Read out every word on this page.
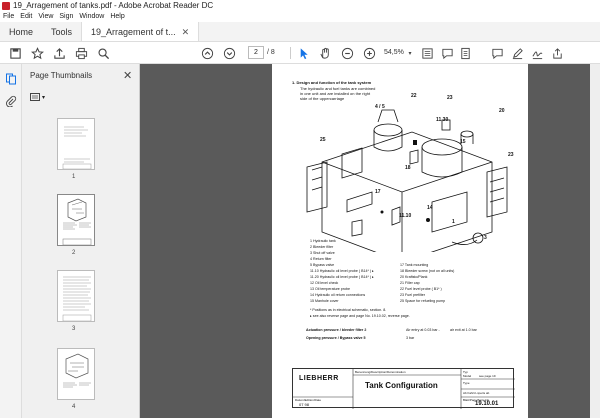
19_Arragement of tanks.pdf - Adobe Acrobat Reader DC
File Edit View Sign Window Help
Home	Tools	19_Arragement of t... ✕
2	/ 8	54,5% ▾
Page Thumbnails	✕
▾
1
2
3
4
1. Design and function of the tank system
The hydraulic and fuel tanks are combined
in one unit and are installed on the right
side of the uppercarriage	22	23
4 / 5
11.30
20
25
23
15
18
17
14
11.10
1
3
1 Hydraulic tank
2 Bleeder filter
3 Shut off valve
4 Return filter
5 Bypass valve
11.10 Hydraulic oil level probe ( B14* ) ▸
11.20 Hydraulic oil level probe ( B14* ) ▸
12 Oil level check
13 Oil temperature probe
14 Hydraulic oil return connections
15 Manhole cover
17 Tank mounting
18 Bleeder screw (not on all units)
20 Kraftsto/Plank
21 Filler cap
22 Fuel level probe ( B1* )
23 Fuel prefilter
25 Space for refueling pump
* Positions as in electrical schematic, section. 8.
▸ see also reverse page and page No. 19.10.02, reverse page.
Actuation pressure / bleeder filter 2	Air entry at 0.03 bar -	air exit at 1.0 bar
Opening pressure / Bypass valve 5	3 bar
LIEBHERR
Benennung/Description/Dénomination
Tank Configuration
Typ
Model	see page 19
Type
Ab Fahrtz-nperis ab
Blatt/Page/Seite No.
19.10.01
Datum/Edition/Date
07 98
